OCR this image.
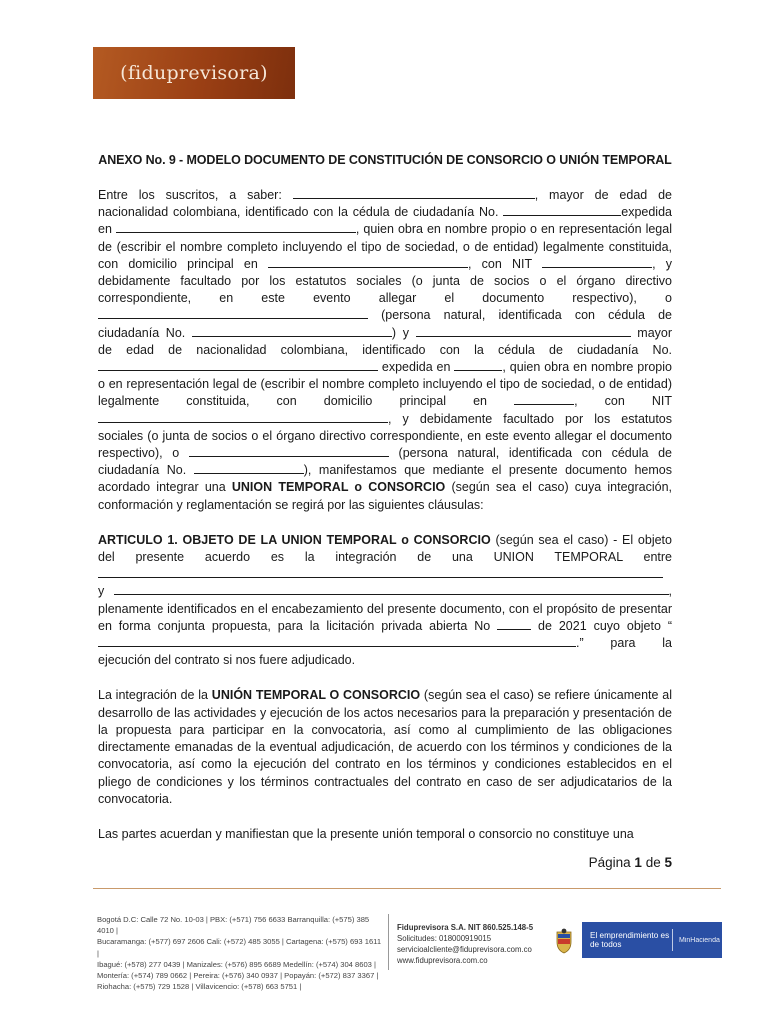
(fiduprevisora)
ANEXO No. 9 - MODELO DOCUMENTO DE CONSTITUCIÓN DE CONSORCIO O UNIÓN TEMPORAL

Entre los suscritos, a saber:	, mayor de edad de nacionalidad colombiana, identificado con la cédula de ciudadanía No.	expedida en	, quien obra en nombre propio o en representación legal de (escribir el nombre completo incluyendo el tipo de sociedad, o de entidad) legalmente constituida, con domicilio principal en	, con NIT	, y debidamente facultado por los estatutos sociales (o junta de socios o el órgano directivo correspondiente, en este evento allegar el documento respectivo), o  (persona natural, identificada con cédula de ciudadanía No.	) y	mayor de edad de nacionalidad colombiana, identificado con la cédula de ciudadanía No.  expedida en	, quien obra en nombre propio o en representación legal de (escribir el nombre completo incluyendo el tipo de sociedad, o de entidad) legalmente constituida, con domicilio principal en	, con NIT , y debidamente facultado por los estatutos sociales (o junta de socios o el órgano directivo correspondiente, en este evento allegar el documento respectivo), o	(persona natural, identificada con cédula de ciudadanía No.	), manifestamos que mediante el presente documento hemos acordado integrar una UNION TEMPORAL o CONSORCIO (según sea el caso) cuya integración, conformación y reglamentación se regirá por las siguientes cláusulas:

ARTICULO 1. OBJETO DE LA UNION TEMPORAL o CONSORCIO (según sea el caso) - El objeto del presente acuerdo es la integración de una UNION TEMPORAL entre  y	, plenamente identificados en el encabezamiento del presente documento, con el propósito de presentar en forma conjunta propuesta, para la licitación privada abierta No	de 2021 cuyo objeto “.” para la ejecución del contrato si nos fuere adjudicado.

La integración de la UNIÓN TEMPORAL O CONSORCIO (según sea el caso) se refiere únicamente al desarrollo de las actividades y ejecución de los actos necesarios para la preparación y presentación de la propuesta para participar en la convocatoria, así como al cumplimiento de las obligaciones directamente emanadas de la eventual adjudicación, de acuerdo con los términos y condiciones de la convocatoria, así como la ejecución del contrato en los términos y condiciones establecidos en el pliego de condiciones y los términos contractuales del contrato en caso de ser adjudicatarios de la convocatoria.

Las partes acuerdan y manifiestan que la presente unión temporal o consorcio no constituye una

Página 1 de 5
Bogotá D.C: Calle 72 No. 10-03 | PBX: (+571) 756 6633 Barranquilla: (+575) 385 4010 |
Bucaramanga: (+577) 697 2606 Cali: (+572) 485 3055 | Cartagena: (+575) 693 1611 |
Ibagué: (+578) 277 0439 | Manizales: (+576) 895 6689 Medellín: (+574) 304 8603 |
Montería: (+574) 789 0662 | Pereira: (+576) 340 0937 | Popayán: (+572) 837 3367 |
Riohacha: (+575) 729 1528 | Villavicencio: (+578) 663 5751 |
Fiduprevisora S.A. NIT 860.525.148-5
Solicitudes: 018000919015
servicioalcliente@fiduprevisora.com.co
www.fiduprevisora.com.co
El emprendimiento es de todos	MinHacienda
